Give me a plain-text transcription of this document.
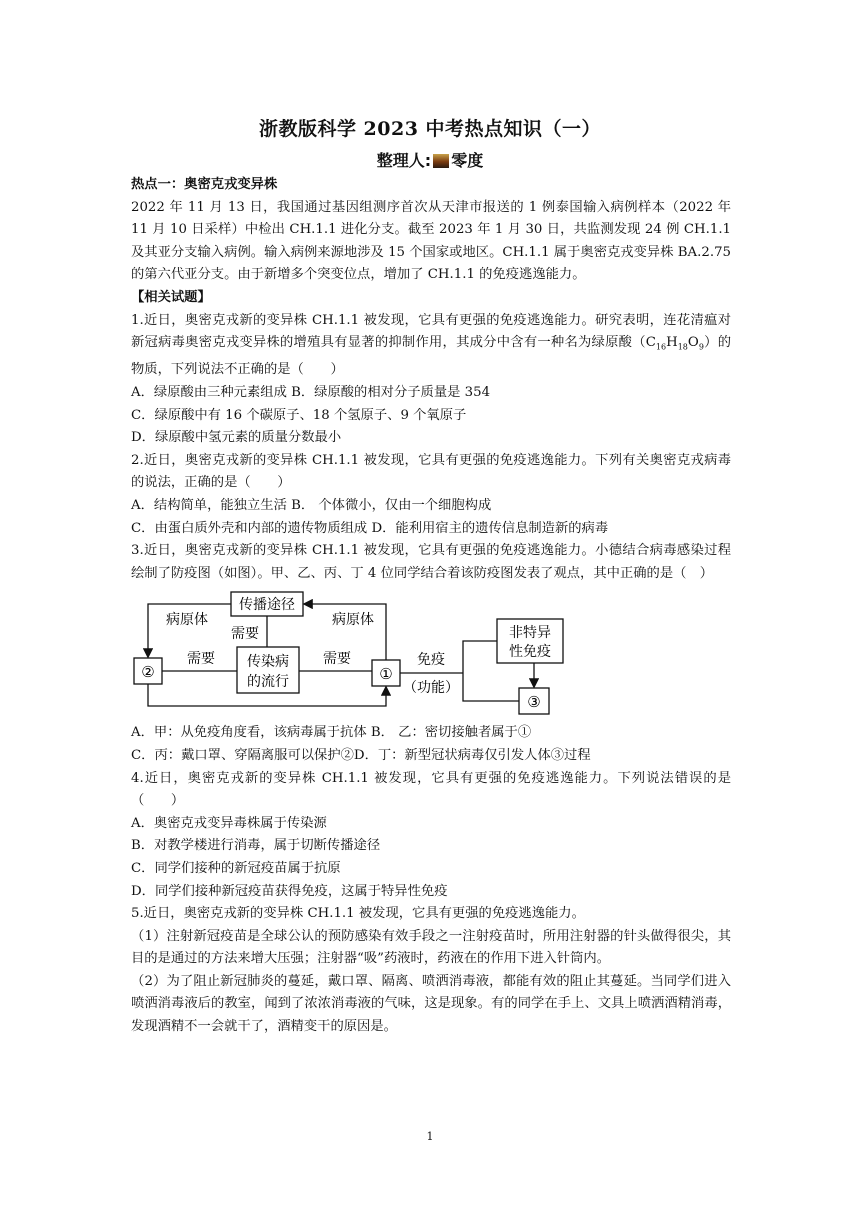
浙教版科学 2023 中考热点知识（一）
整理人: 零度

热点一：奥密克戎变异株

2022 年 11 月 13 日，我国通过基因组测序首次从天津市报送的 1 例泰国输入病例样本（2022 年 11 月 10 日采样）中检出 CH.1.1 进化分支。截至 2023 年 1 月 30 日，共监测发现 24 例 CH.1.1 及其亚分支输入病例。输入病例来源地涉及 15 个国家或地区。CH.1.1 属于奥密克戎变异株 BA.2.75 的第六代亚分支。由于新增多个突变位点，增加了 CH.1.1 的免疫逃逸能力。

【相关试题】

1.近日，奥密克戎新的变异株 CH.1.1 被发现，它具有更强的免疫逃逸能力。研究表明，连花清瘟对新冠病毒奥密克戎变异株的增殖具有显著的抑制作用，其成分中含有一种名为绿原酸$(C_{16}H_{18}O_9)$的物质，下列说法不正确的是（　　）

A．绿原酸由三种元素组成 B．绿原酸的相对分子质量是 354

C．绿原酸中有 16 个碳原子、18 个氢原子、9 个氧原子

D．绿原酸中氢元素的质量分数最小

2.近日，奥密克戎新的变异株 CH.1.1 被发现，它具有更强的免疫逃逸能力。下列有关奥密克戎病毒的说法，正确的是（　　）

A．结构简单，能独立生活 B． 个体微小，仅由一个细胞构成

C．由蛋白质外壳和内部的遗传物质组成 D．能利用宿主的遗传信息制造新的病毒

3.近日，奥密克戎新的变异株 CH.1.1 被发现，它具有更强的免疫逃逸能力。小德结合病毒感染过程绘制了防疫图（如图）。甲、乙、丙、丁 4 位同学结合着该防疫图发表了观点，其中正确的是（　）

传播途径
②
传染病
的流行	①
非特异
性免疫
③
病原体	病原体
需要
需要	需要	免疫
（功能）

A．甲：从免疫角度看，该病毒属于抗体 B． 乙：密切接触者属于①

C．丙：戴口罩、穿隔离服可以保护②D．丁：新型冠状病毒仅引发人体③过程

4.近日，奥密克戎新的变异株 CH.1.1 被发现，它具有更强的免疫逃逸能力。下列说法错误的是（　　）

A．奥密克戎变异毒株属于传染源

B．对教学楼进行消毒，属于切断传播途径

C．同学们接种的新冠疫苗属于抗原

D．同学们接种新冠疫苗获得免疫，这属于特异性免疫

5.近日，奥密克戎新的变异株 CH.1.1 被发现，它具有更强的免疫逃逸能力。

（1）注射新冠疫苗是全球公认的预防感染有效手段之一注射疫苗时，所用注射器的针头做得很尖，其目的是通过的方法来增大压强；注射器“吸”药液时，药液在的作用下进入针筒内。

（2）为了阻止新冠肺炎的蔓延，戴口罩、隔离、喷洒消毒液，都能有效的阻止其蔓延。当同学们进入喷洒消毒液后的教室，闻到了浓浓消毒液的气味，这是现象。有的同学在手上、文具上喷洒酒精消毒，发现酒精不一会就干了，酒精变干的原因是。

1
